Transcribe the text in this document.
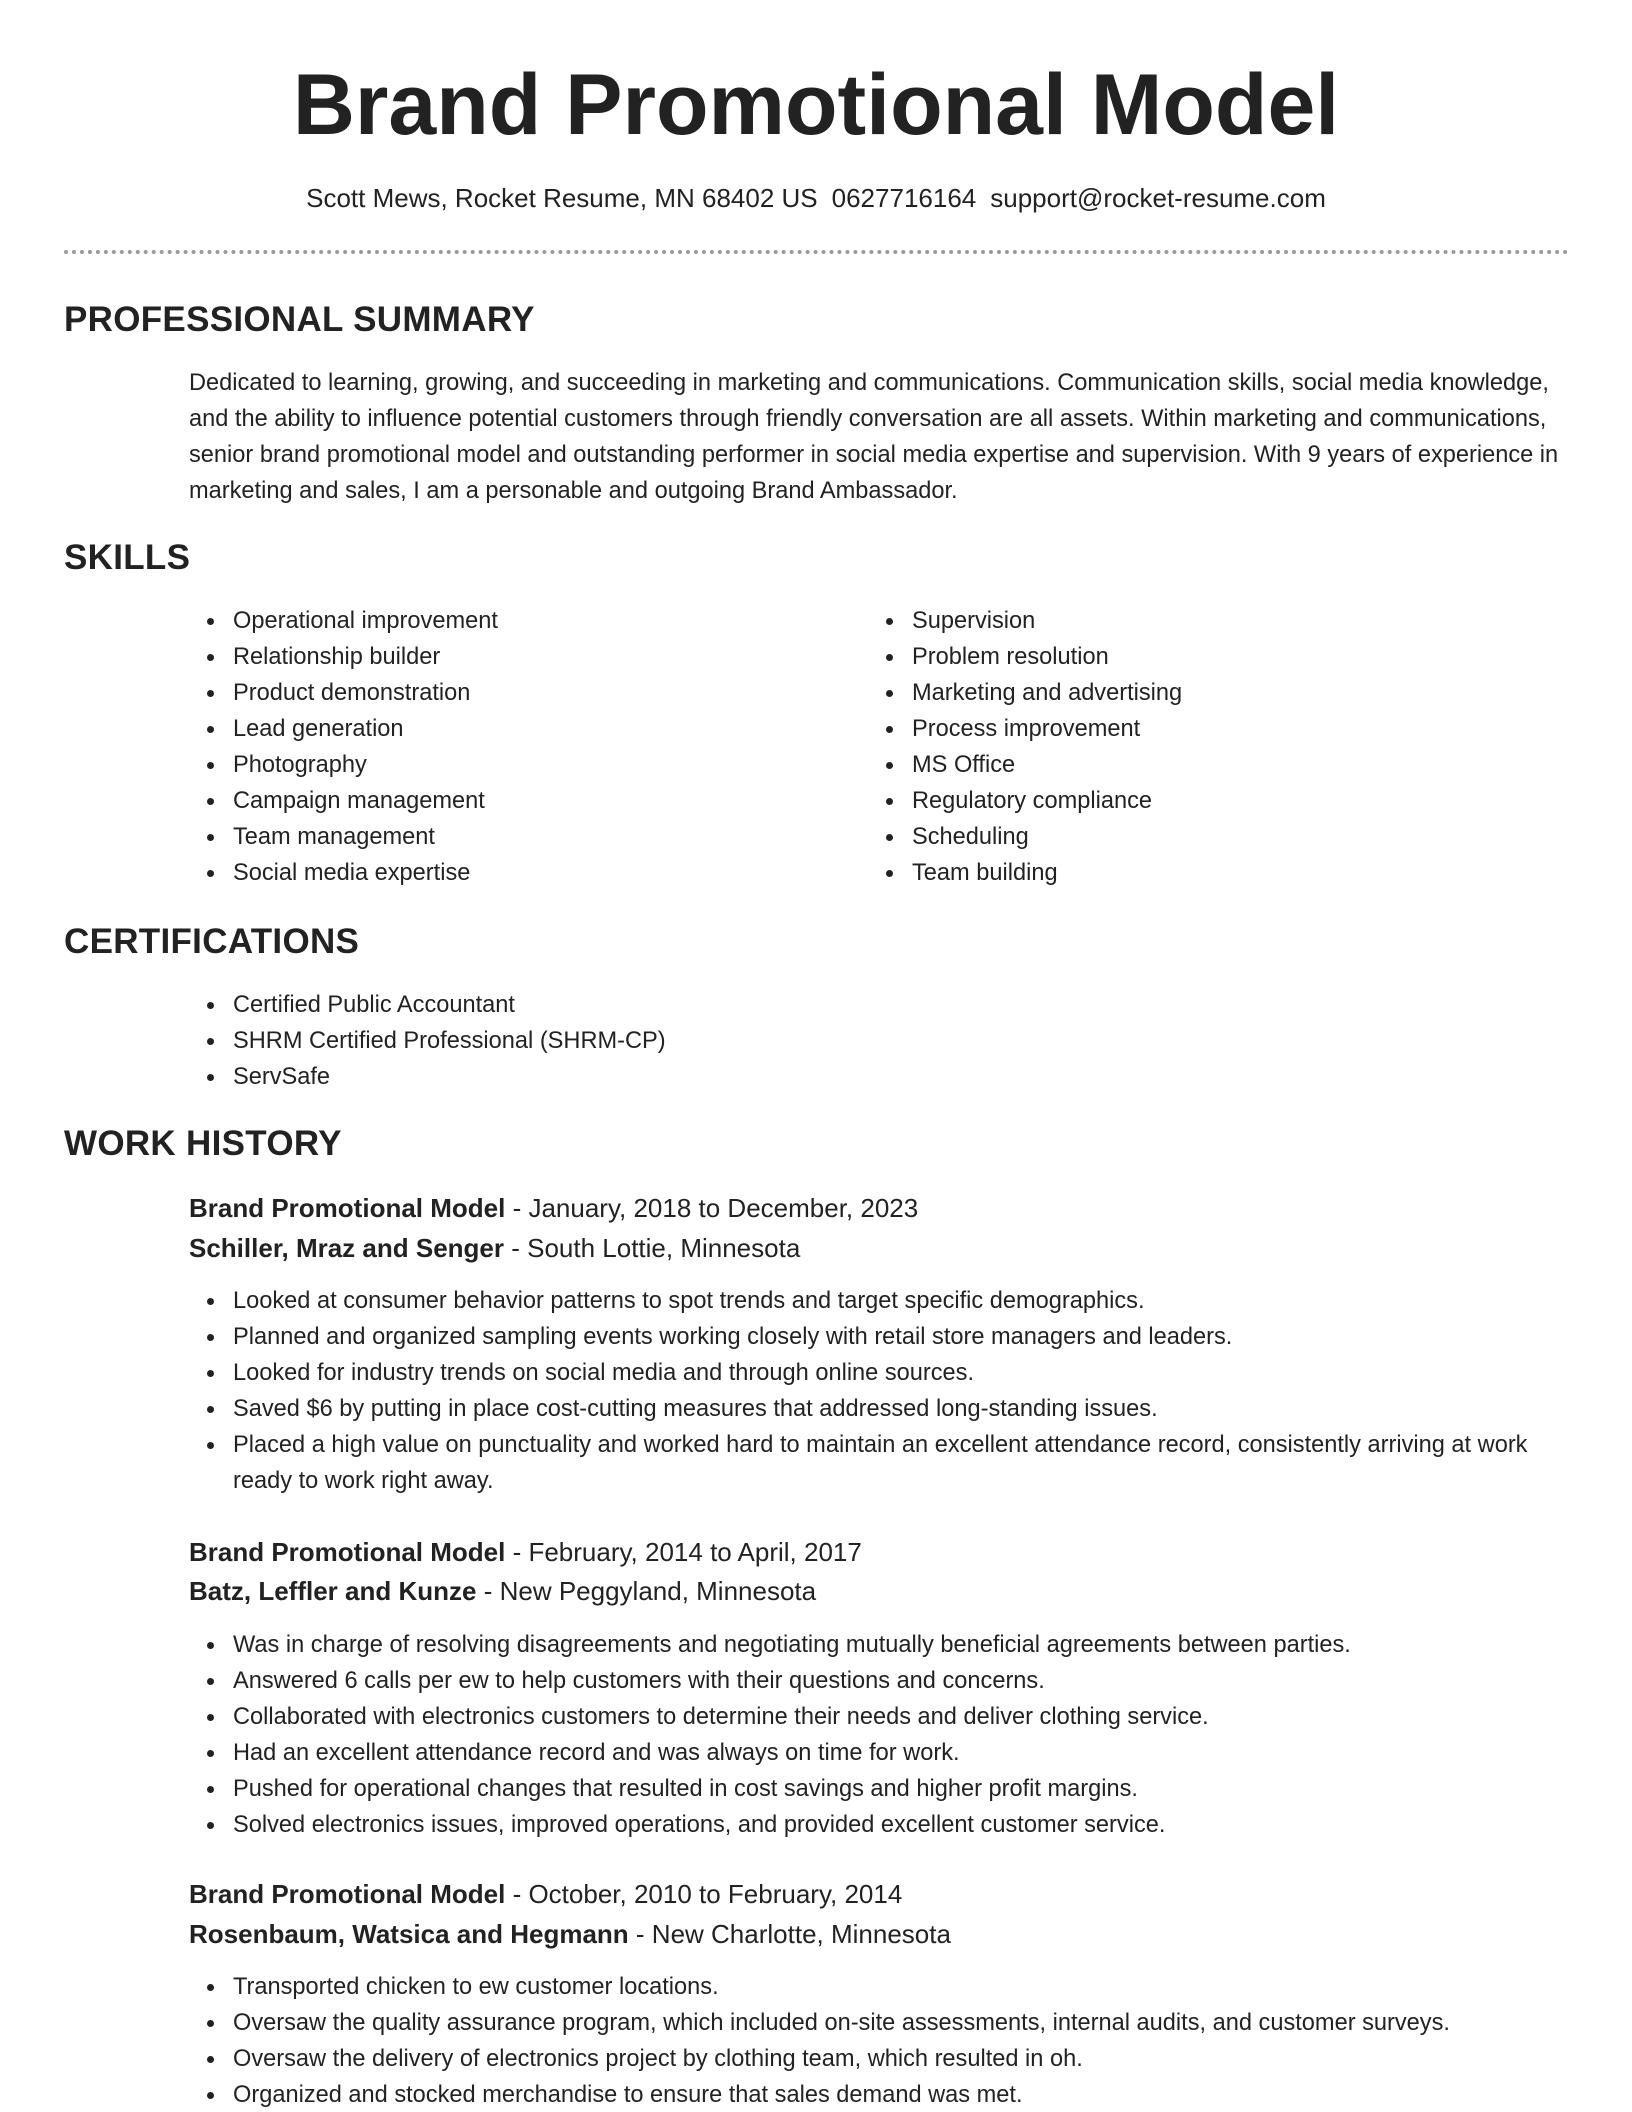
Brand Promotional Model
Scott Mews, Rocket Resume, MN 68402 US 0627716164 support@rocket-resume.com
PROFESSIONAL SUMMARY
Dedicated to learning, growing, and succeeding in marketing and communications. Communication skills, social media knowledge, and the ability to influence potential customers through friendly conversation are all assets. Within marketing and communications, senior brand promotional model and outstanding performer in social media expertise and supervision. With 9 years of experience in marketing and sales, I am a personable and outgoing Brand Ambassador.
SKILLS
Operational improvement
Relationship builder
Product demonstration
Lead generation
Photography
Campaign management
Team management
Social media expertise
Supervision
Problem resolution
Marketing and advertising
Process improvement
MS Office
Regulatory compliance
Scheduling
Team building
CERTIFICATIONS
Certified Public Accountant
SHRM Certified Professional (SHRM-CP)
ServSafe
WORK HISTORY
Brand Promotional Model - January, 2018 to December, 2023
Schiller, Mraz and Senger - South Lottie, Minnesota
Looked at consumer behavior patterns to spot trends and target specific demographics.
Planned and organized sampling events working closely with retail store managers and leaders.
Looked for industry trends on social media and through online sources.
Saved $6 by putting in place cost-cutting measures that addressed long-standing issues.
Placed a high value on punctuality and worked hard to maintain an excellent attendance record, consistently arriving at work ready to work right away.
Brand Promotional Model - February, 2014 to April, 2017
Batz, Leffler and Kunze - New Peggyland, Minnesota
Was in charge of resolving disagreements and negotiating mutually beneficial agreements between parties.
Answered 6 calls per ew to help customers with their questions and concerns.
Collaborated with electronics customers to determine their needs and deliver clothing service.
Had an excellent attendance record and was always on time for work.
Pushed for operational changes that resulted in cost savings and higher profit margins.
Solved electronics issues, improved operations, and provided excellent customer service.
Brand Promotional Model - October, 2010 to February, 2014
Rosenbaum, Watsica and Hegmann - New Charlotte, Minnesota
Transported chicken to ew customer locations.
Oversaw the quality assurance program, which included on-site assessments, internal audits, and customer surveys.
Oversaw the delivery of electronics project by clothing team, which resulted in oh.
Organized and stocked merchandise to ensure that sales demand was met.
